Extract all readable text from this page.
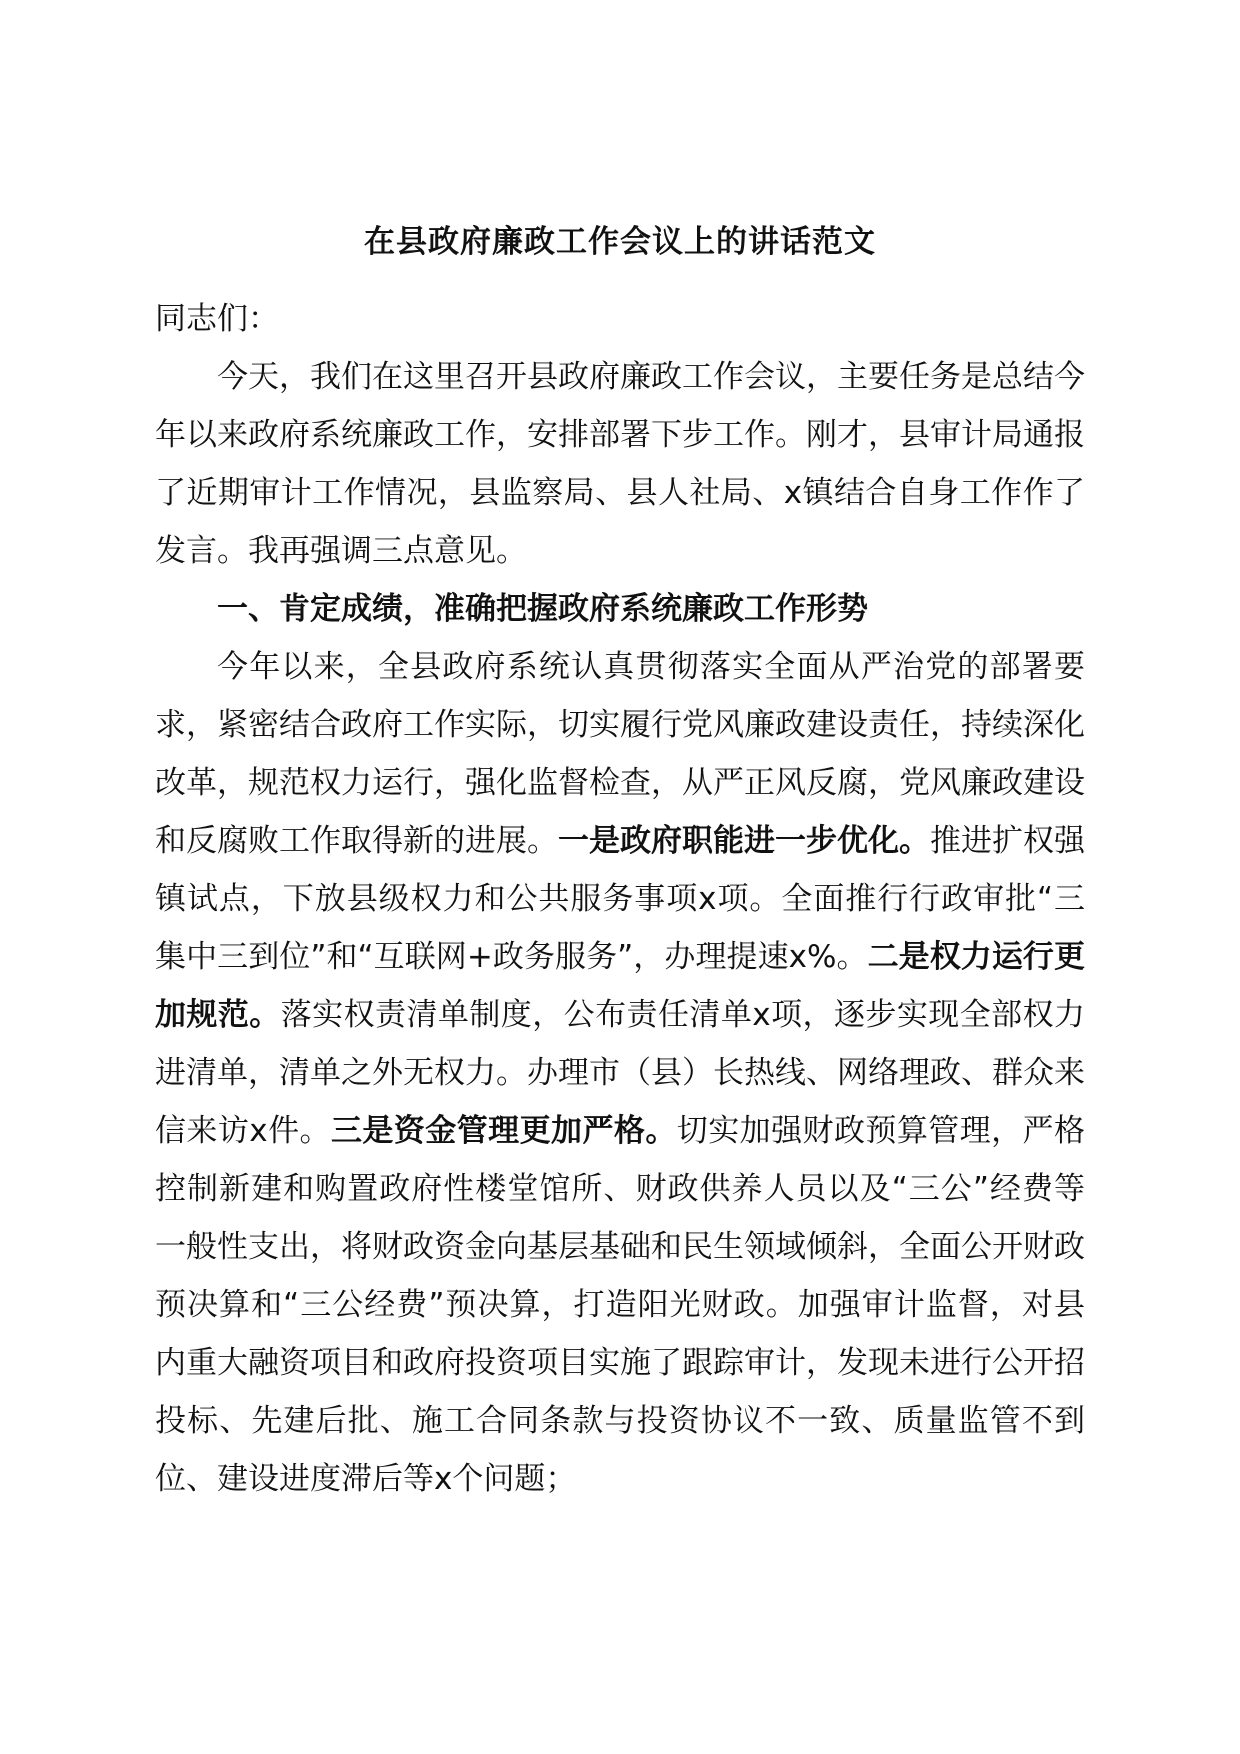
在县政府廉政工作会议上的讲话范文

同志们：

今天，我们在这里召开县政府廉政工作会议，主要任务是总结今年以来政府系统廉政工作，安排部署下步工作。刚才，县审计局通报了近期审计工作情况，县监察局、县人社局、x镇结合自身工作作了发言。我再强调三点意见。

一、肯定成绩，准确把握政府系统廉政工作形势

今年以来，全县政府系统认真贯彻落实全面从严治党的部署要求，紧密结合政府工作实际，切实履行党风廉政建设责任，持续深化改革，规范权力运行，强化监督检查，从严正风反腐，党风廉政建设和反腐败工作取得新的进展。一是政府职能进一步优化。推进扩权强镇试点，下放县级权力和公共服务事项x项。全面推行行政审批“三集中三到位”和“互联网+政务服务”，办理提速x%。二是权力运行更加规范。落实权责清单制度，公布责任清单x项，逐步实现全部权力进清单，清单之外无权力。办理市（县）长热线、网络理政、群众来信来访x件。三是资金管理更加严格。切实加强财政预算管理，严格控制新建和购置政府性楼堂馆所、财政供养人员以及“三公”经费等一般性支出，将财政资金向基层基础和民生领域倾斜，全面公开财政预决算和“三公经费”预决算，打造阳光财政。加强审计监督，对县内重大融资项目和政府投资项目实施了跟踪审计，发现未进行公开招投标、先建后批、施工合同条款与投资协议不一致、质量监管不到位、建设进度滞后等x个问题；
